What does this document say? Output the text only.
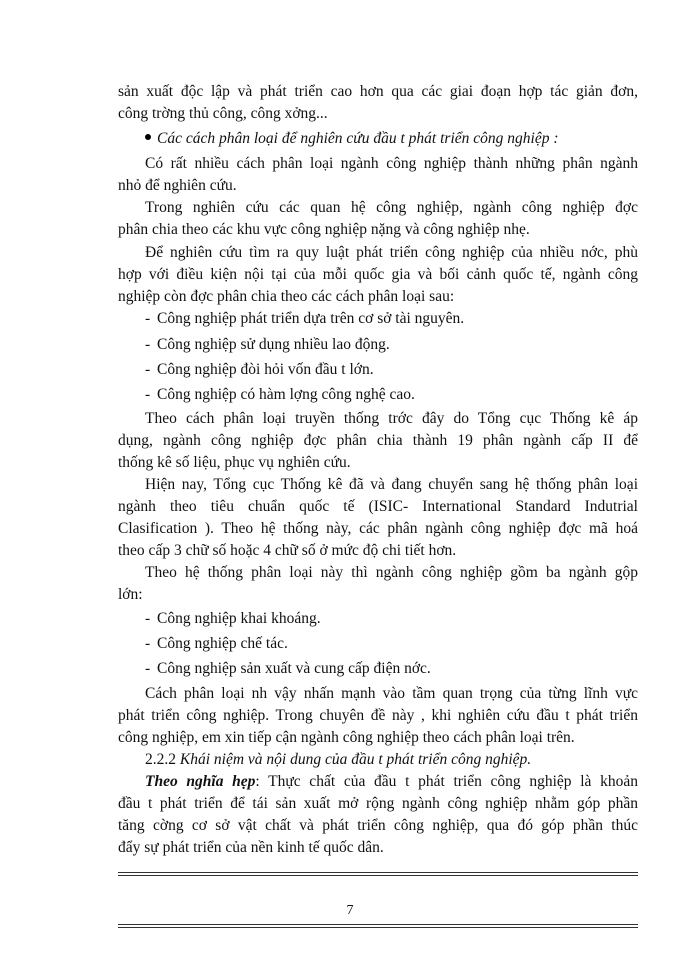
sản xuất độc lập và phát triển cao hơn qua các giai đoạn hợp tác giản đơn,
công trờng thủ công, công xởng...
Các cách phân loại để nghiên cứu đầu t phát triển công nghiệp :
Có rất nhiều cách phân loại ngành công nghiệp thành những phân ngành
nhỏ để nghiên cứu.
Trong nghiên cứu các quan hệ công nghiệp, ngành công nghiệp đợc
phân chia theo các khu vực công nghiệp nặng và công nghiệp nhẹ.
Để nghiên cứu tìm ra quy luật phát triển công nghiệp của nhiều nớc, phù
hợp với điều kiện nội tại của mỗi quốc gia và bối cảnh quốc tế, ngành công
nghiệp còn đợc phân chia theo các cách phân loại sau:
- Công nghiệp phát triển dựa trên cơ sở tài nguyên.
- Công nghiệp sử dụng nhiều lao động.
- Công nghiệp đòi hỏi vốn đầu t lớn.
- Công nghiệp có hàm lợng công nghệ cao.
Theo cách phân loại truyền thống trớc đây do Tổng cục Thống kê áp
dụng, ngành công nghiệp đợc phân chia thành 19 phân ngành cấp II để
thống kê số liệu, phục vụ nghiên cứu.
Hiện nay, Tổng cục Thống kê đã và đang chuyển sang hệ thống phân loại
ngành theo tiêu chuẩn quốc tế (ISIC- International Standard Indutrial
Clasification ). Theo hệ thống này, các phân ngành công nghiệp đợc mã hoá
theo cấp 3 chữ số hoặc 4 chữ số ở mức độ chi tiết hơn.
Theo hệ thống phân loại này thì ngành công nghiệp gồm ba ngành gộp
lớn:
- Công nghiệp khai khoáng.
- Công nghiệp chế tác.
- Công nghiệp sản xuất và cung cấp điện nớc.
Cách phân loại nh vậy nhấn mạnh vào tầm quan trọng của từng lĩnh vực
phát triển công nghiệp. Trong chuyên đề này , khi nghiên cứu đầu t phát triển
công nghiệp, em xin tiếp cận ngành công nghiệp theo cách phân loại trên.
2.2.2 Khái niệm và nội dung của đầu t phát triển công nghiệp.
Theo nghĩa hẹp: Thực chất của đầu t phát triển công nghiệp là khoản
đầu t phát triển để tái sản xuất mở rộng ngành công nghiệp nhằm góp phần
tăng cờng cơ sở vật chất và phát triển công nghiệp, qua đó góp phần thúc
đẩy sự phát triển của nền kinh tế quốc dân.
7
